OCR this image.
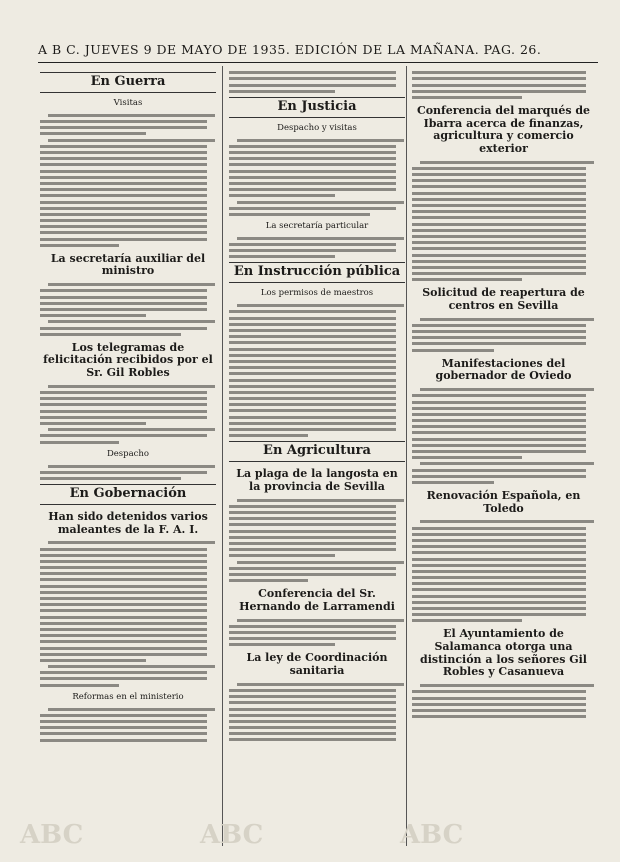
A B C. JUEVES 9 DE MAYO DE 1935. EDICIÓN DE LA MAÑANA. PAG. 26.
ABC	ABC	ABC
En Guerra
Visitas
La secretaría auxiliar del ministro
Los telegramas de felicitación recibidos por el Sr. Gil Robles
Despacho
En Gobernación
Han sido detenidos varios maleantes de la F. A. I.
Reformas en el ministerio
En Justicia
Despacho y visitas
La secretaría particular
En Instrucción pública
Los permisos de maestros
En Agricultura
La plaga de la langosta en la provincia de Sevilla
Conferencia del Sr. Hernando de Larramendi
La ley de Coordinación sanitaria
Conferencia del marqués de Ibarra acerca de finanzas, agricultura y comercio exterior
Solicitud de reapertura de centros en Sevilla
Manifestaciones del gobernador de Oviedo
Renovación Española, en Toledo
El Ayuntamiento de Salamanca otorga una distinción a los señores Gil Robles y Casanueva
